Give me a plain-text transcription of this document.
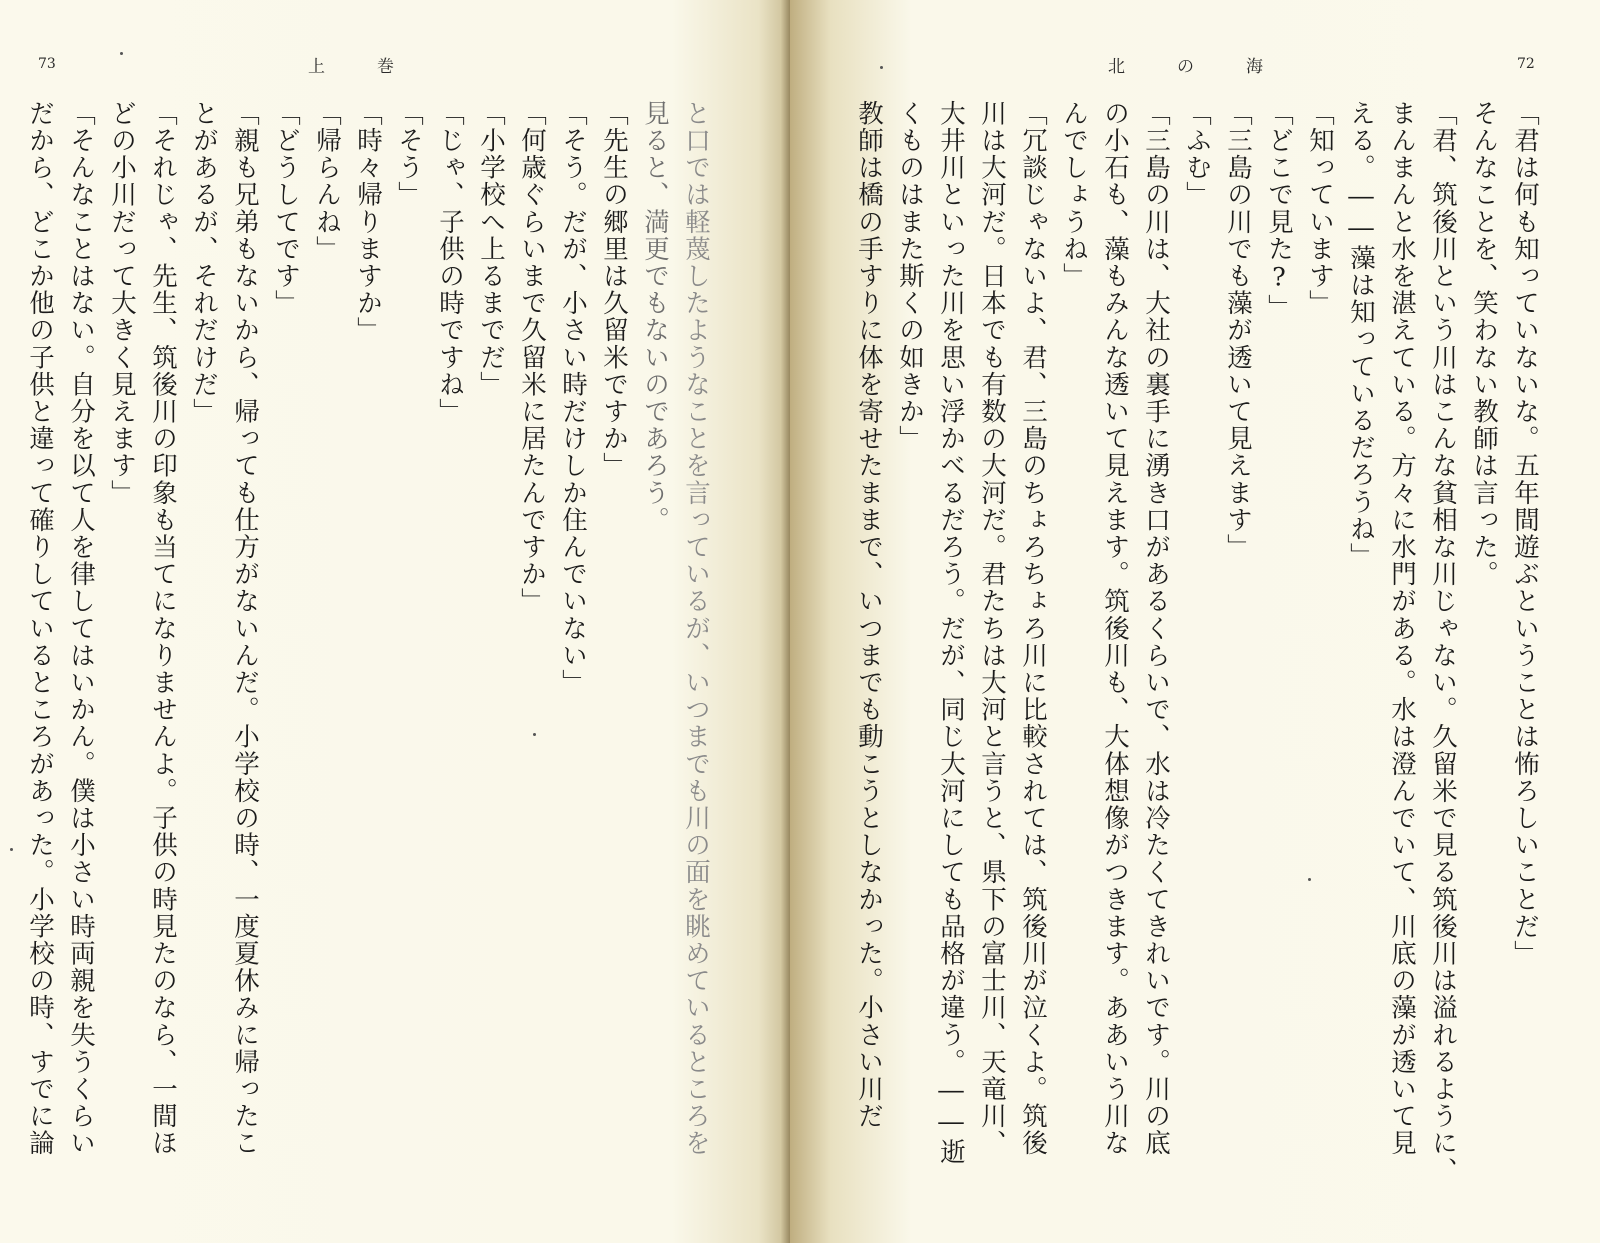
73	上巻
と口では軽蔑したようなことを言っているが、いつまでも川の面を眺めているところを
見ると、満更でもないのであろう。
「先生の郷里は久留米ですか」
「そう。だが、小さい時だけしか住んでいない」
「何歳ぐらいまで久留米に居たんですか」
「小学校へ上るまでだ」
「じゃ、子供の時ですね」
「そう」
「時々帰りますか」
「帰らんね」
「どうしてです」
「親も兄弟もないから、帰っても仕方がないんだ。小学校の時、一度夏休みに帰ったこ
とがあるが、それだけだ」
「それじゃ、先生、筑後川の印象も当てになりませんよ。子供の時見たのなら、一間ほ
どの小川だって大きく見えます」
「そんなことはない。自分を以て人を律してはいかん。僕は小さい時両親を失うくらい
だから、どこか他の子供と違って確りしているところがあった。小学校の時、すでに論
72
北の海
「君は何も知っていないな。五年間遊ぶということは怖ろしいことだ」
そんなことを、笑わない教師は言った。
「君、筑後川という川はこんな貧相な川じゃない。久留米で見る筑後川は溢れるように、
まんまんと水を湛えている。方々に水門がある。水は澄んでいて、川底の藻が透いて見
える。――藻は知っているだろうね」
「知っています」
「どこで見た?」
「三島の川でも藻が透いて見えます」
「ふむ」
「三島の川は、大社の裏手に湧き口があるくらいで、水は冷たくてきれいです。川の底
の小石も、藻もみんな透いて見えます。筑後川も、大体想像がつきます。ああいう川な
んでしょうね」
「冗談じゃないよ、君、三島のちょろちょろ川に比較されては、筑後川が泣くよ。筑後
川は大河だ。日本でも有数の大河だ。君たちは大河と言うと、県下の富士川、天竜川、
大井川といった川を思い浮かべるだろう。だが、同じ大河にしても品格が違う。――逝
くものはまた斯くの如きか」
教師は橋の手すりに体を寄せたままで、いつまでも動こうとしなかった。小さい川だ
